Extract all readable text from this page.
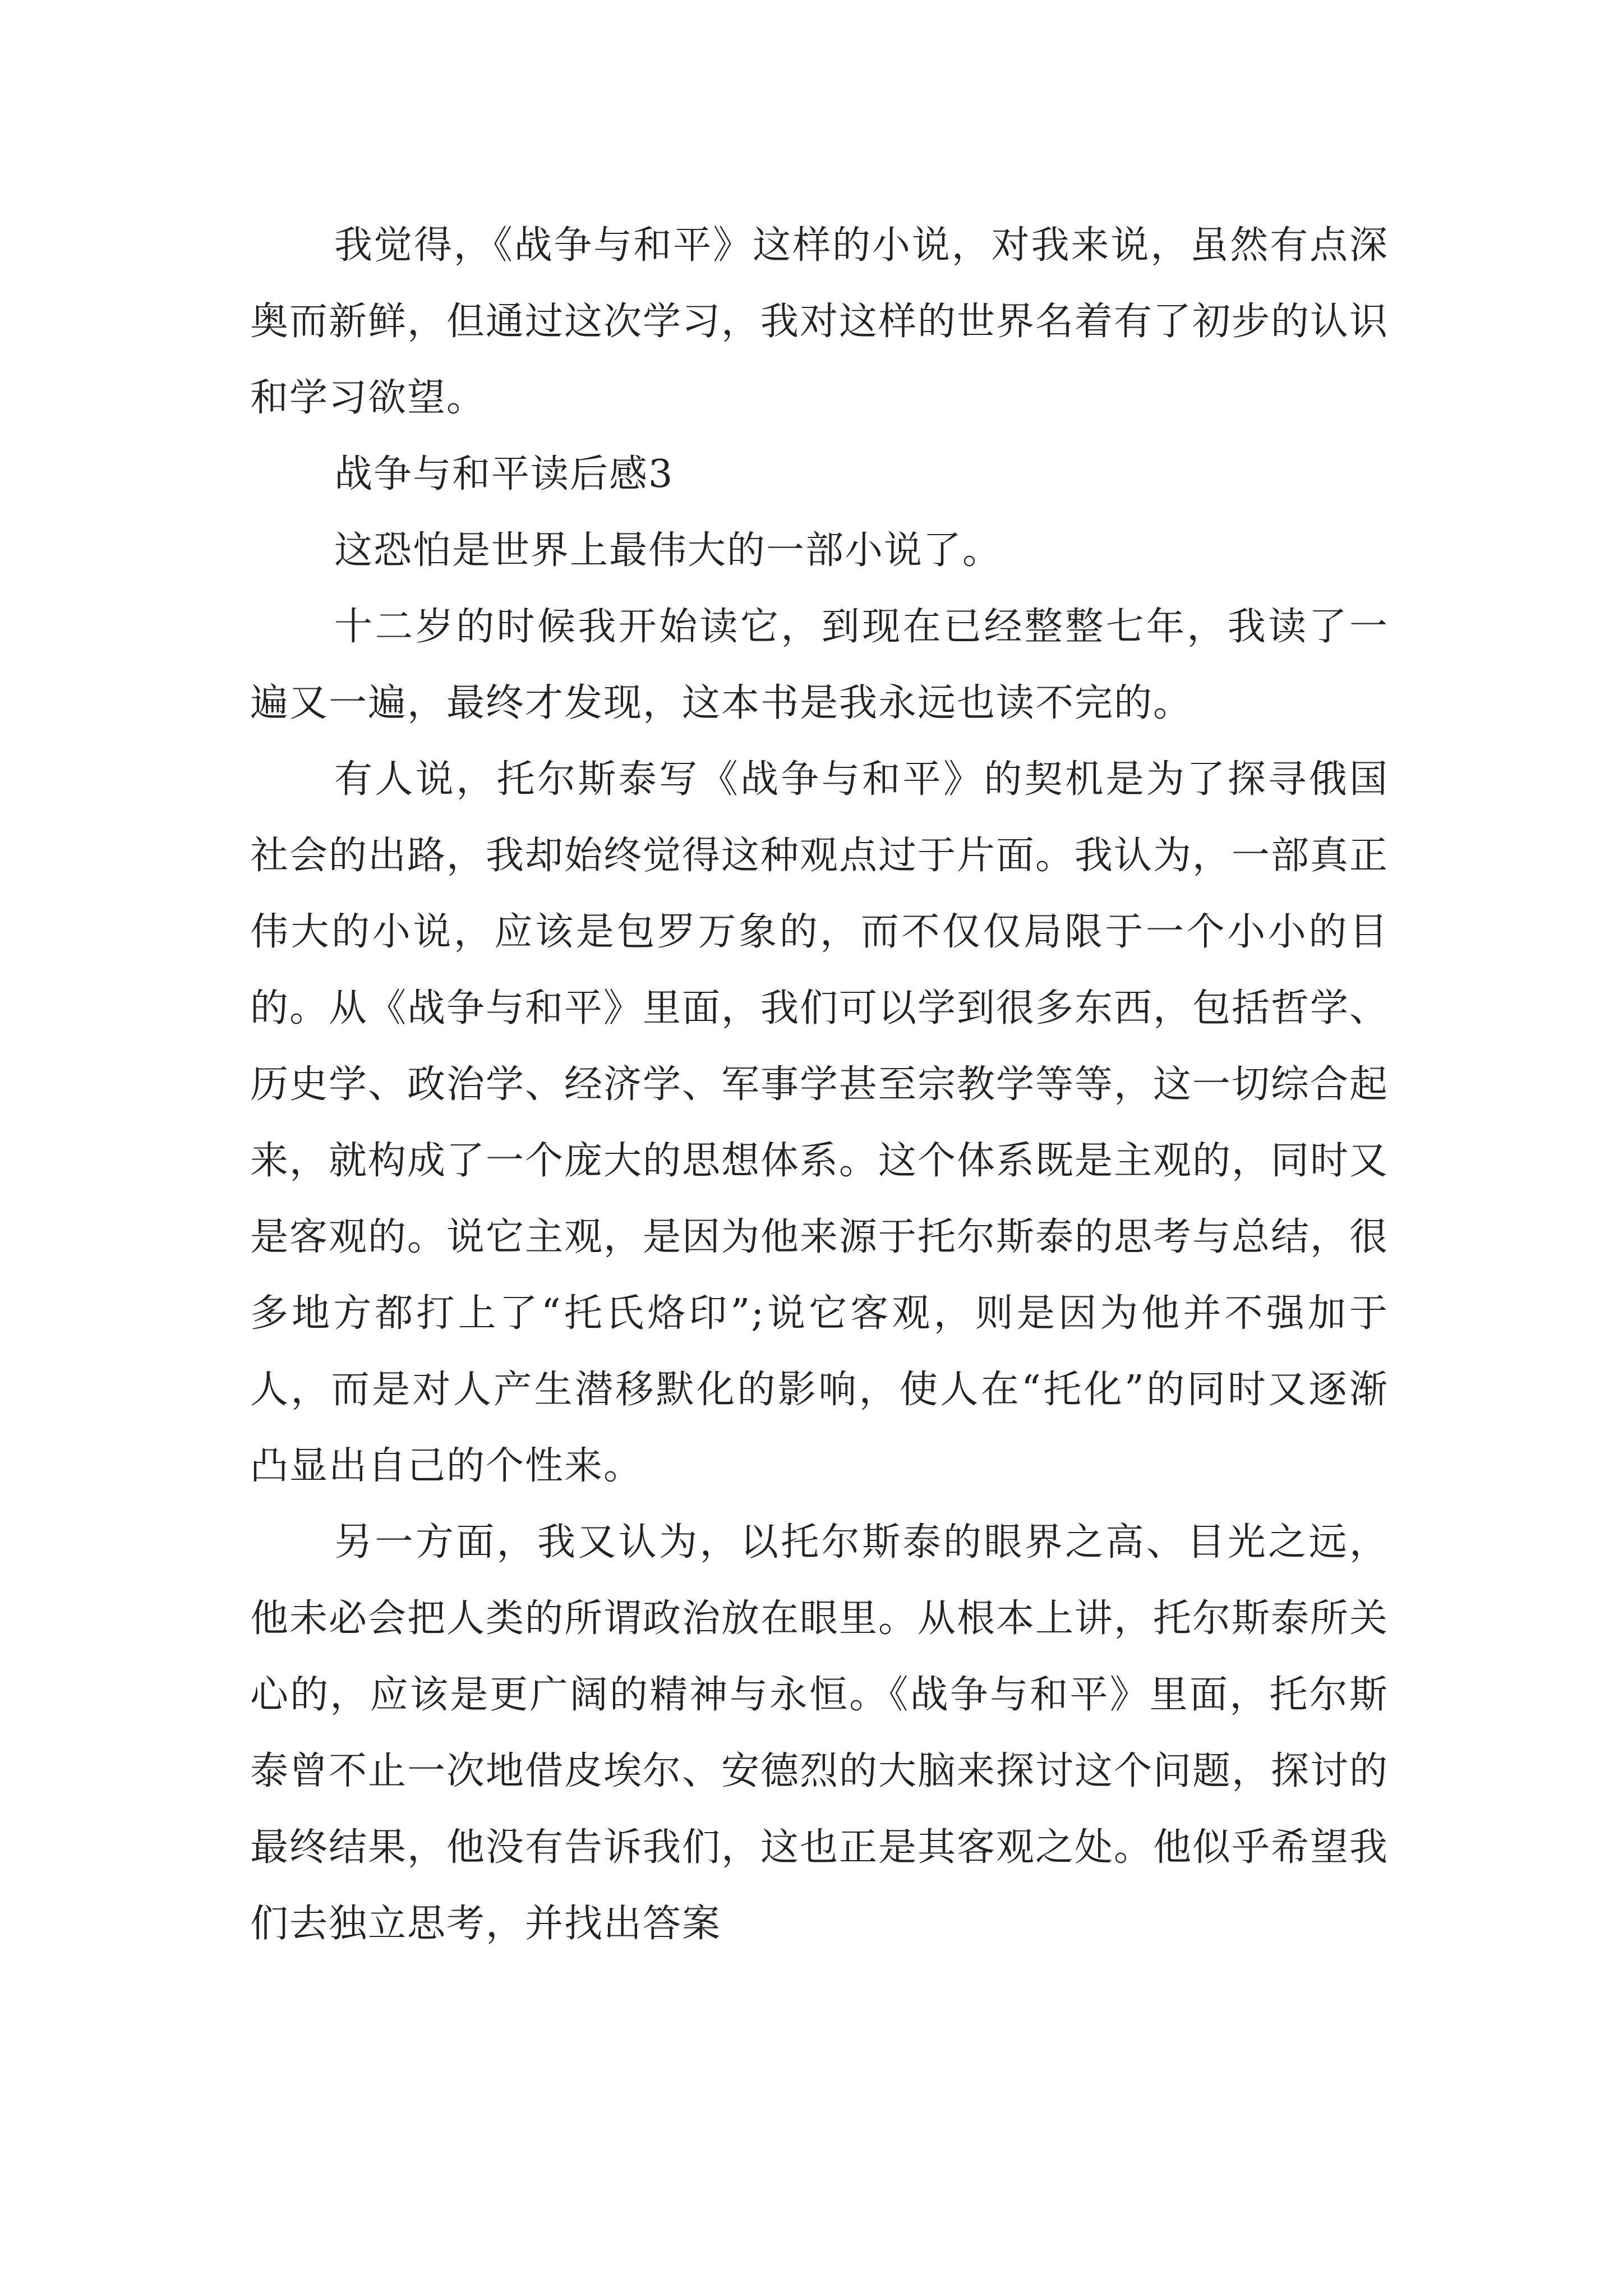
我觉得，《战争与和平》这样的小说，对我来说，虽然有点深奥而新鲜，但通过这次学习，我对这样的世界名着有了初步的认识和学习欲望。

战争与和平读后感3

这恐怕是世界上最伟大的一部小说了。

十二岁的时候我开始读它，到现在已经整整七年，我读了一遍又一遍，最终才发现，这本书是我永远也读不完的。

有人说，托尔斯泰写《战争与和平》的契机是为了探寻俄国社会的出路，我却始终觉得这种观点过于片面。我认为，一部真正伟大的小说，应该是包罗万象的，而不仅仅局限于一个小小的目的。从《战争与和平》里面，我们可以学到很多东西，包括哲学、历史学、政治学、经济学、军事学甚至宗教学等等，这一切综合起来，就构成了一个庞大的思想体系。这个体系既是主观的，同时又是客观的。说它主观，是因为他来源于托尔斯泰的思考与总结，很多地方都打上了“托氏烙印”;说它客观，则是因为他并不强加于人，而是对人产生潜移默化的影响，使人在“托化”的同时又逐渐凸显出自己的个性来。

另一方面，我又认为，以托尔斯泰的眼界之高、目光之远，他未必会把人类的所谓政治放在眼里。从根本上讲，托尔斯泰所关心的，应该是更广阔的精神与永恒。《战争与和平》里面，托尔斯泰曾不止一次地借皮埃尔、安德烈的大脑来探讨这个问题，探讨的最终结果，他没有告诉我们，这也正是其客观之处。他似乎希望我们去独立思考，并找出答案
